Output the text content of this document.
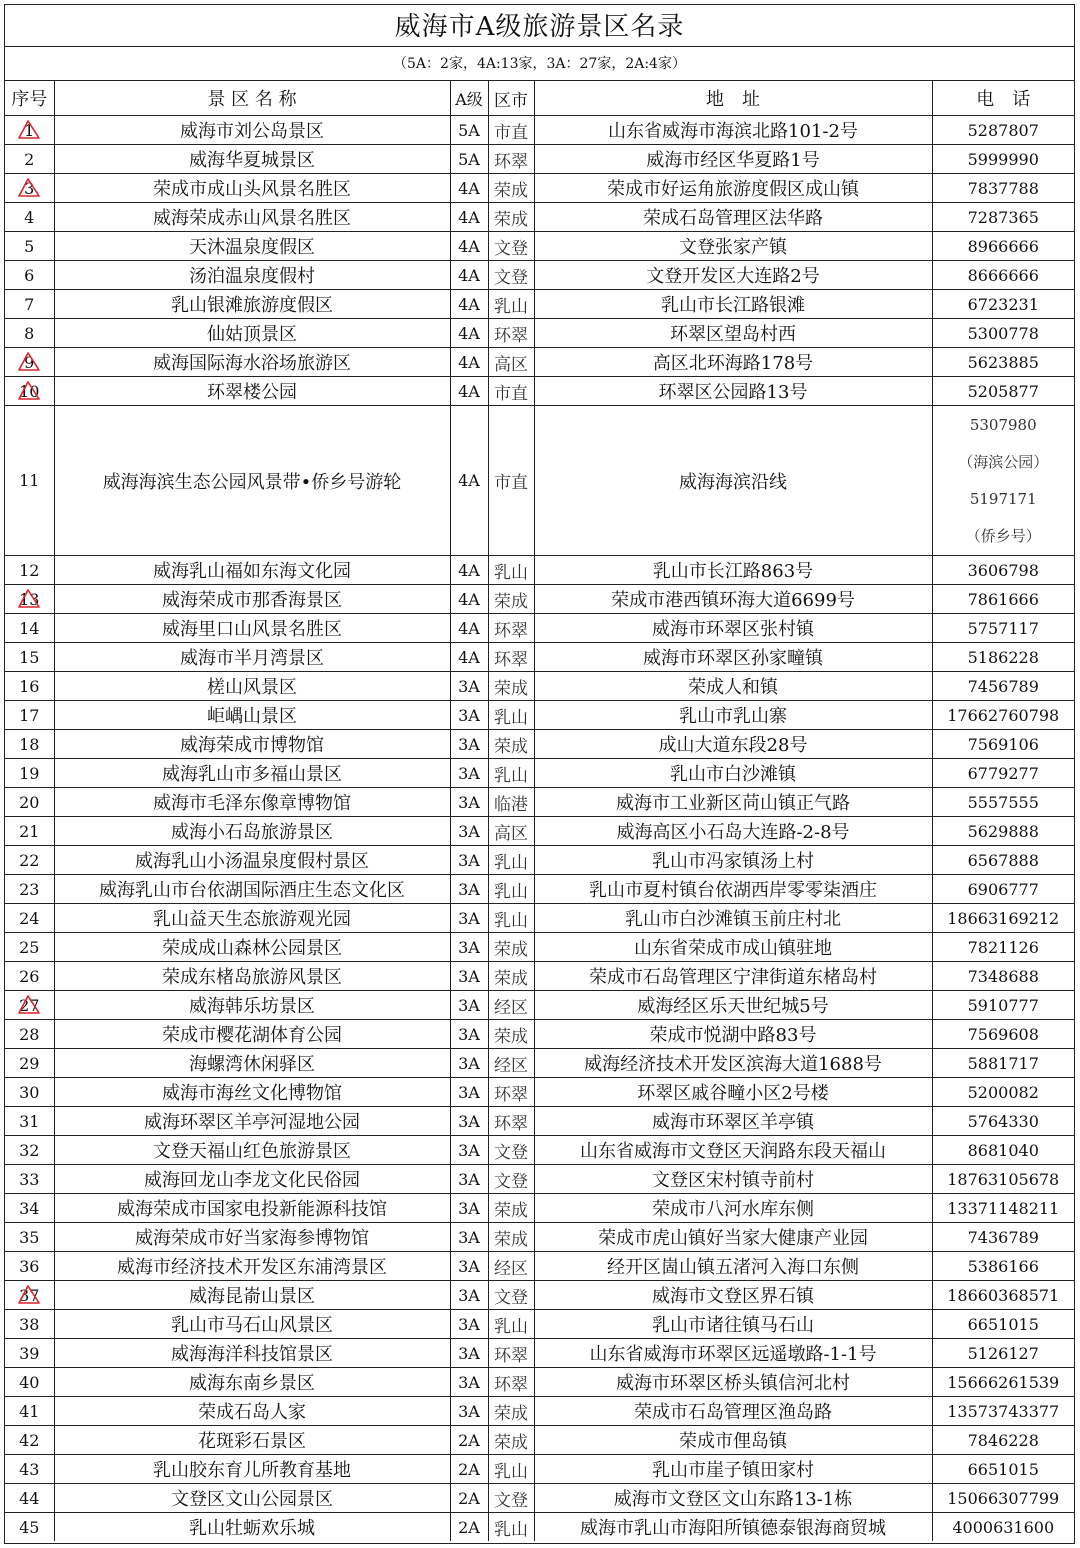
威海市A级旅游景区名录
（5A：2家，4A:13家，3A：27家，2A:4家）
序号	景 区 名 称	A级	区市	地　址	电　话
1	威海市刘公岛景区	5A	市直	山东省威海市海滨北路101-2号	5287807
2	威海华夏城景区	5A	环翠	威海市经区华夏路1号	5999990
3	荣成市成山头风景名胜区	4A	荣成	荣成市好运角旅游度假区成山镇	7837788
4	威海荣成赤山风景名胜区	4A	荣成	荣成石岛管理区法华路	7287365
5	天沐温泉度假区	4A	文登	文登张家产镇	8966666
6	汤泊温泉度假村	4A	文登	文登开发区大连路2号	8666666
7	乳山银滩旅游度假区	4A	乳山	乳山市长江路银滩	6723231
8	仙姑顶景区	4A	环翠	环翠区望岛村西	5300778
9	威海国际海水浴场旅游区	4A	高区	高区北环海路178号	5623885
10	环翠楼公园	4A	市直	环翠区公园路13号	5205877
11	威海海滨生态公园风景带•侨乡号游轮	4A	市直	威海海滨沿线	5307980
（海滨公园）
5197171
（侨乡号）

12	威海乳山福如东海文化园	4A	乳山	乳山市长江路863号	3606798
13	威海荣成市那香海景区	4A	荣成	荣成市港西镇环海大道6699号	7861666
14	威海里口山风景名胜区	4A	环翠	威海市环翠区张村镇	5757117
15	威海市半月湾景区	4A	环翠	威海市环翠区孙家疃镇	5186228
16	槎山风景区	3A	荣成	荣成人和镇	7456789
17	岠嵎山景区	3A	乳山	乳山市乳山寨	17662760798
18	威海荣成市博物馆	3A	荣成	成山大道东段28号	7569106
19	威海乳山市多福山景区	3A	乳山	乳山市白沙滩镇	6779277
20	威海市毛泽东像章博物馆	3A	临港	威海市工业新区苘山镇正气路	5557555
21	威海小石岛旅游景区	3A	高区	威海高区小石岛大连路-2-8号	5629888
22	威海乳山小汤温泉度假村景区	3A	乳山	乳山市冯家镇汤上村	6567888
23	威海乳山市台依湖国际酒庄生态文化区	3A	乳山	乳山市夏村镇台依湖西岸零零柒酒庄	6906777
24	乳山益天生态旅游观光园	3A	乳山	乳山市白沙滩镇玉前庄村北	18663169212
25	荣成成山森林公园景区	3A	荣成	山东省荣成市成山镇驻地	7821126
26	荣成东楮岛旅游风景区	3A	荣成	荣成市石岛管理区宁津街道东楮岛村	7348688
27	威海韩乐坊景区	3A	经区	威海经区乐天世纪城5号	5910777
28	荣成市樱花湖体育公园	3A	荣成	荣成市悦湖中路83号	7569608
29	海螺湾休闲驿区	3A	经区	威海经济技术开发区滨海大道1688号	5881717
30	威海市海丝文化博物馆	3A	环翠	环翠区戚谷疃小区2号楼	5200082
31	威海环翠区羊亭河湿地公园	3A	环翠	威海市环翠区羊亭镇	5764330
32	文登天福山红色旅游景区	3A	文登	山东省威海市文登区天润路东段天福山	8681040
33	威海回龙山李龙文化民俗园	3A	文登	文登区宋村镇寺前村	18763105678
34	威海荣成市国家电投新能源科技馆	3A	荣成	荣成市八河水库东侧	13371148211
35	威海荣成市好当家海参博物馆	3A	荣成	荣成市虎山镇好当家大健康产业园	7436789
36	威海市经济技术开发区东浦湾景区	3A	经区	经开区崮山镇五渚河入海口东侧	5386166
37	威海昆嵛山景区	3A	文登	威海市文登区界石镇	18660368571
38	乳山市马石山风景区	3A	乳山	乳山市诸往镇马石山	6651015
39	威海海洋科技馆景区	3A	环翠	山东省威海市环翠区远遥墩路-1-1号	5126127
40	威海东南乡景区	3A	环翠	威海市环翠区桥头镇信河北村	15666261539
41	荣成石岛人家	3A	荣成	荣成市石岛管理区渔岛路	13573743377
42	花斑彩石景区	2A	荣成	荣成市俚岛镇	7846228
43	乳山胶东育儿所教育基地	2A	乳山	乳山市崖子镇田家村	6651015
44	文登区文山公园景区	2A	文登	威海市文登区文山东路13-1栋	15066307799
45	乳山牡蛎欢乐城	2A	乳山	威海市乳山市海阳所镇德泰银海商贸城	4000631600
